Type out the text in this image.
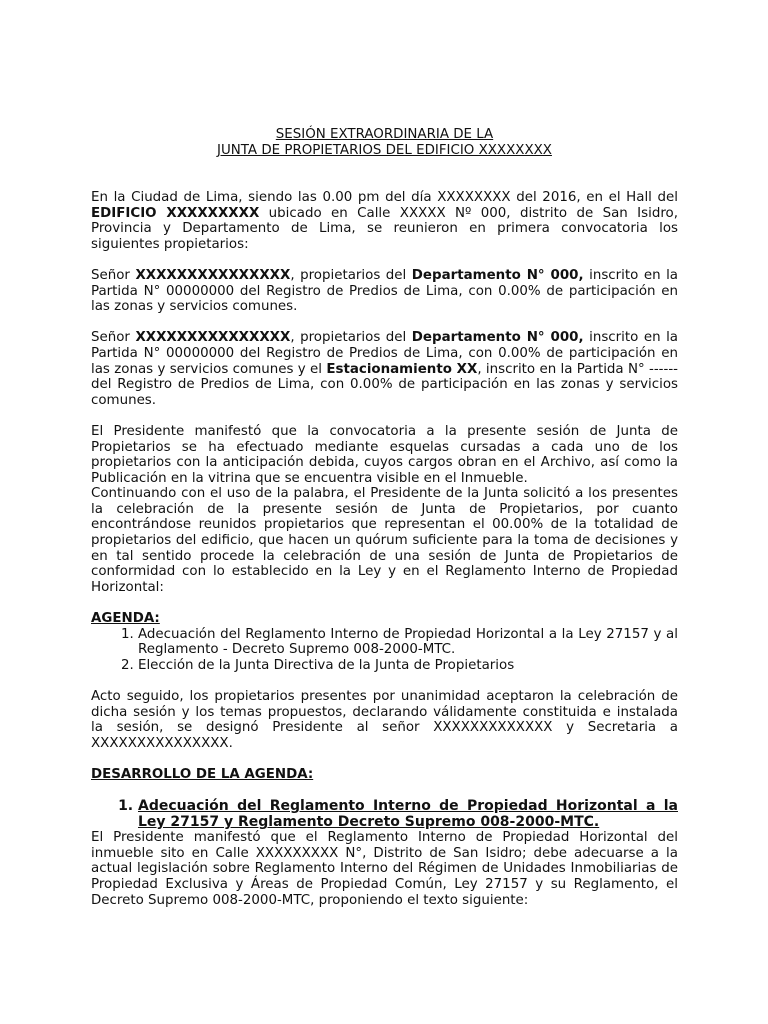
SESIÓN EXTRAORDINARIA DE LA

JUNTA DE PROPIETARIOS DEL EDIFICIO XXXXXXXX

En la Ciudad de Lima, siendo las 0.00 pm del día XXXXXXXX del 2016, en el Hall del EDIFICIO XXXXXXXXX ubicado en Calle XXXXX Nº 000, distrito de San Isidro, Provincia y Departamento de Lima, se reunieron en primera convocatoria los siguientes propietarios:

Señor XXXXXXXXXXXXXXX, propietarios del Departamento N° 000, inscrito en la Partida N° 00000000 del Registro de Predios de Lima, con 0.00% de participación en las zonas y servicios comunes.

Señor XXXXXXXXXXXXXXX, propietarios del Departamento N° 000, inscrito en la Partida N° 00000000 del Registro de Predios de Lima, con 0.00% de participación en las zonas y servicios comunes y el Estacionamiento XX, inscrito en la Partida N° ------ del Registro de Predios de Lima, con 0.00% de participación en las zonas y servicios comunes.

El Presidente manifestó que la convocatoria a la presente sesión de Junta de Propietarios se ha efectuado mediante esquelas cursadas a cada uno de los propietarios con la anticipación debida, cuyos cargos obran en el Archivo, así como la Publicación en la vitrina que se encuentra visible en el Inmueble.

Continuando con el uso de la palabra, el Presidente de la Junta solicitó a los presentes la celebración de la presente sesión de Junta de Propietarios, por cuanto encontrándose reunidos propietarios que representan el 00.00% de la totalidad de propietarios del edificio, que hacen un quórum suficiente para la toma de decisiones y en tal sentido procede la celebración de una sesión de Junta de Propietarios de conformidad con lo establecido en la Ley y en el Reglamento Interno de Propiedad Horizontal:

AGENDA:

1. Adecuación del Reglamento Interno de Propiedad Horizontal a la Ley 27157 y al Reglamento - Decreto Supremo 008-2000-MTC.
2. Elección de la Junta Directiva de la Junta de Propietarios

Acto seguido, los propietarios presentes por unanimidad aceptaron la celebración de dicha sesión y los temas propuestos, declarando válidamente constituida e instalada la sesión, se designó Presidente al señor XXXXXXXXXXXXX y Secretaria a XXXXXXXXXXXXXXX.

DESARROLLO DE LA AGENDA:

1. Adecuación del Reglamento Interno de Propiedad Horizontal a la Ley 27157 y Reglamento Decreto Supremo 008-2000-MTC.

El Presidente manifestó que el Reglamento Interno de Propiedad Horizontal del inmueble sito en Calle XXXXXXXXX N°, Distrito de San Isidro; debe adecuarse a la actual legislación sobre Reglamento Interno del Régimen de Unidades Inmobiliarias de Propiedad Exclusiva y Áreas de Propiedad Común, Ley 27157 y su Reglamento, el Decreto Supremo 008-2000-MTC, proponiendo el texto siguiente:
